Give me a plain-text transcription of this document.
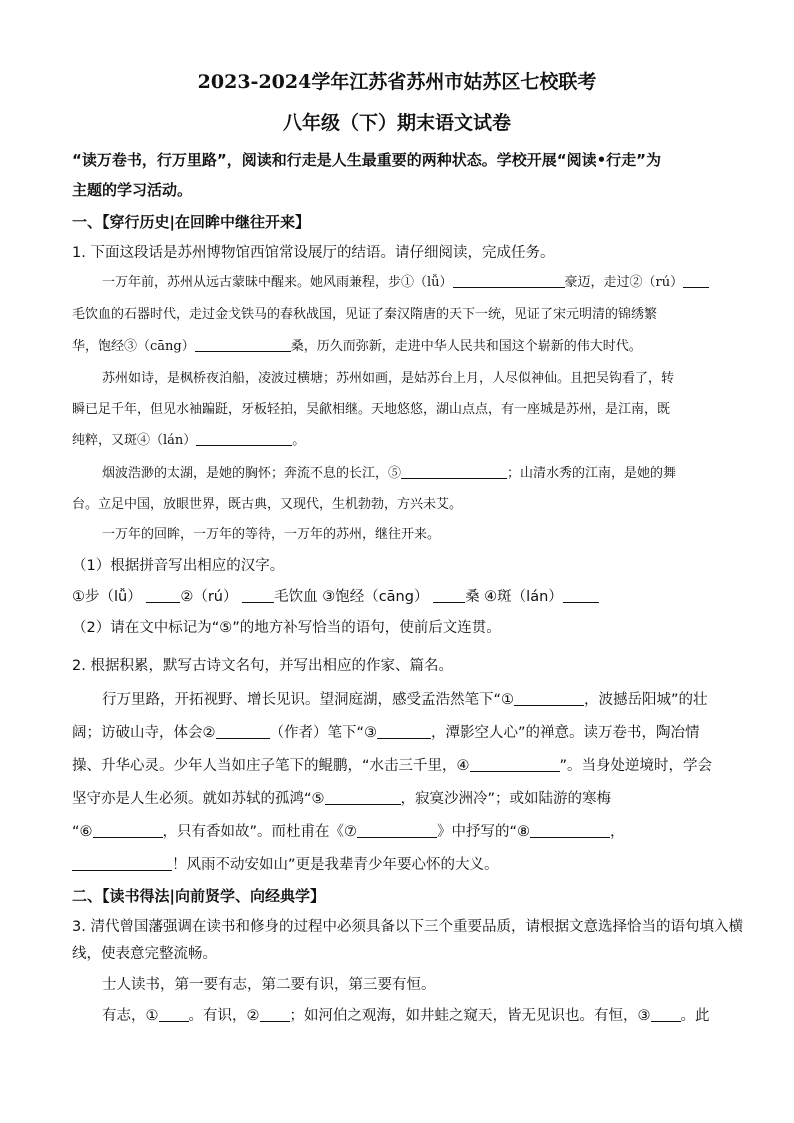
2023-2024学年江苏省苏州市姑苏区七校联考
八年级（下）期末语文试卷
“读万卷书，行万里路”，阅读和行走是人生最重要的两种状态。学校开展“阅读•行走”为
主题的学习活动。
一、【穿行历史|在回眸中继往开来】
1. 下面这段话是苏州博物馆西馆常设展厅的结语。请仔细阅读，完成任务。
一万年前，苏州从远古蒙昧中醒来。她风雨兼程，步①（lǚ）	豪迈，走过②（rú）
毛饮血的石器时代，走过金戈铁马的春秋战国，见证了秦汉隋唐的天下一统，见证了宋元明清的锦绣繁
华，饱经③（cāng）	桑，历久而弥新，走进中华人民共和国这个崭新的伟大时代。
苏州如诗，是枫桥夜泊船，凌波过横塘；苏州如画，是姑苏台上月，人尽似神仙。且把吴钩看了，转
瞬已足千年，但见水袖蹁跹，牙板轻拍，吴歈相继。天地悠悠，湖山点点，有一座城是苏州，是江南，既
纯粹，又斑④（lán）	。
烟波浩渺的太湖，是她的胸怀；奔流不息的长江，⑤	；山清水秀的江南，是她的舞
台。立足中国，放眼世界，既古典，又现代，生机勃勃，方兴未艾。
一万年的回眸，一万年的等待，一万年的苏州，继往开来。
（1）根据拼音写出相应的汉字。
①步（lǚ）	②（rú）	毛饮血 ③饱经（cāng）	桑 ④斑（lán）
（2）请在文中标记为“⑤”的地方补写恰当的语句，使前后文连贯。
2. 根据积累，默写古诗文名句，并写出相应的作家、篇名。
行万里路，开拓视野、增长见识。望洞庭湖，感受孟浩然笔下“①	，波撼岳阳城”的壮
阔；访破山寺，体会②	（作者）笔下“③	，潭影空人心”的禅意。读万卷书，陶冶情
操、升华心灵。少年人当如庄子笔下的鲲鹏，“水击三千里，④	”。当身处逆境时，学会
坚守亦是人生必须。就如苏轼的孤鸿“⑤	，寂寞沙洲冷”；或如陆游的寒梅
“⑥	，只有香如故”。而杜甫在《⑦	》中抒写的“⑧	，
！风雨不动安如山”更是我辈青少年要心怀的大义。
二、【读书得法|向前贤学、向经典学】
3. 清代曾国藩强调在读书和修身的过程中必须具备以下三个重要品质，请根据文意选择恰当的语句填入横
线，使表意完整流畅。
士人读书，第一要有志，第二要有识，第三要有恒。
有志，① 。有识，② ；如河伯之观海，如井蛙之窥天，皆无见识也。有恒，③ 。此
